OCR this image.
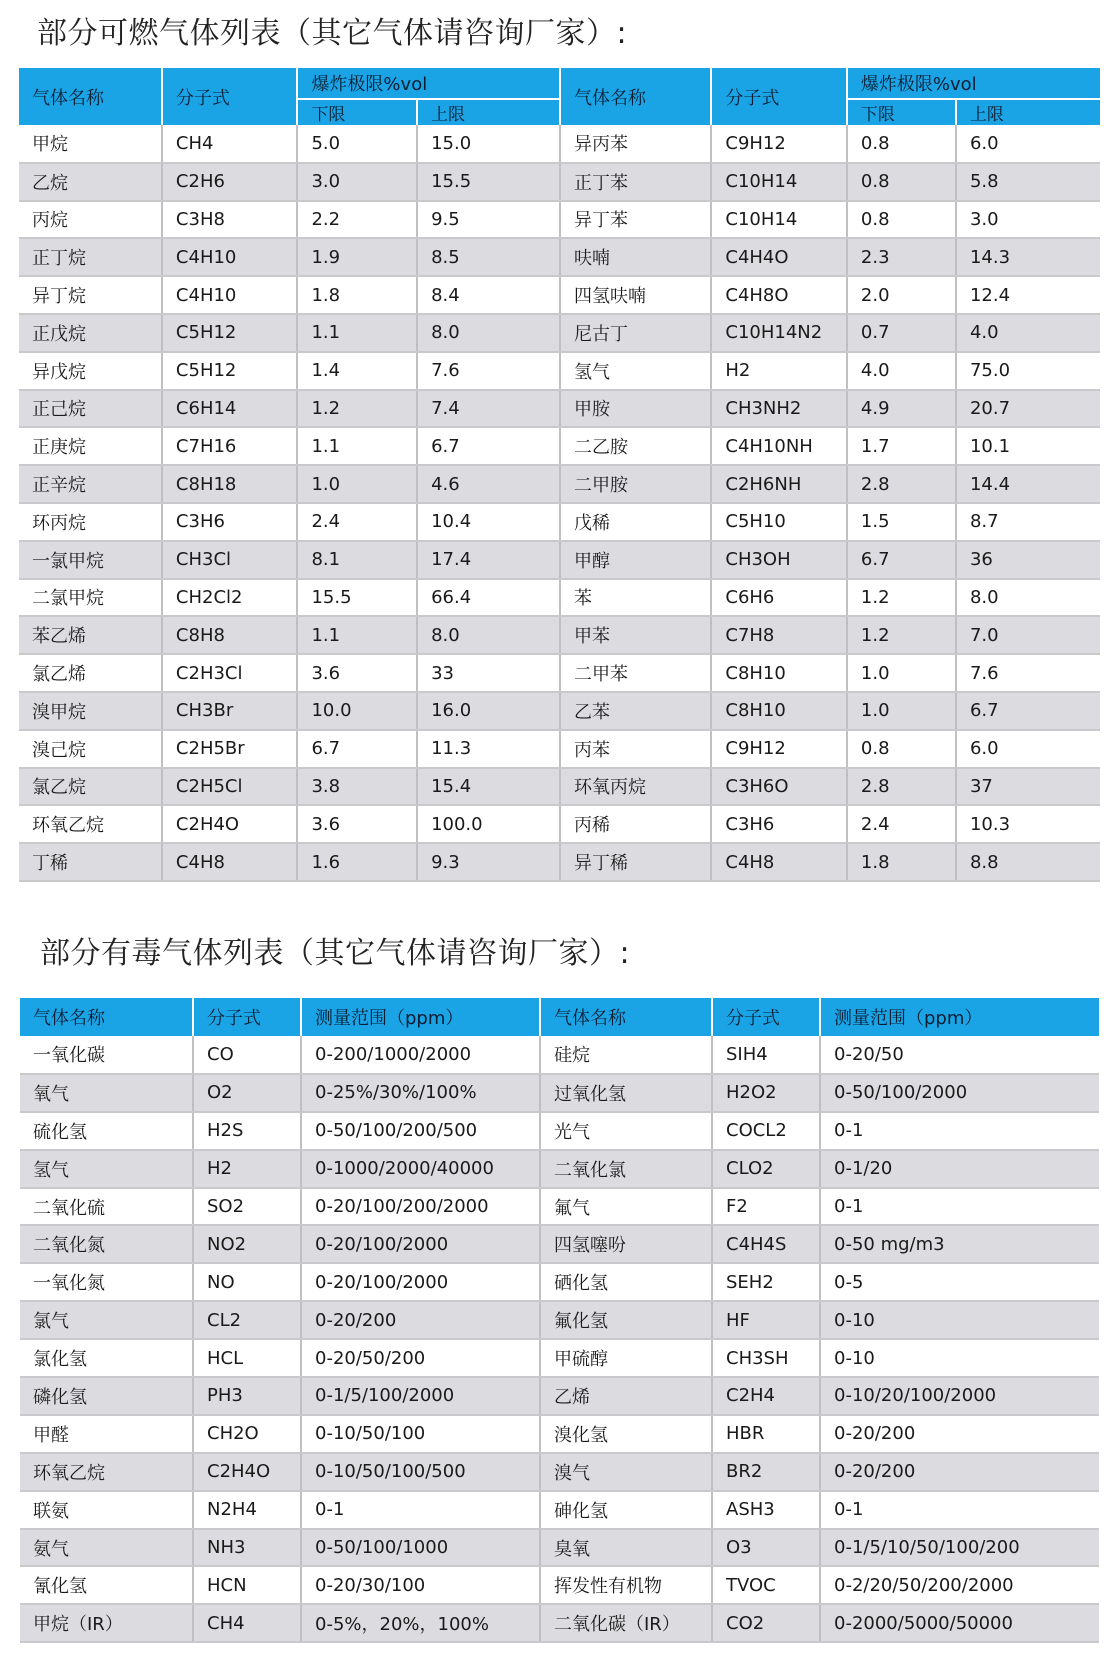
部分可燃气体列表（其它气体请咨询厂家）:
气体名称	分子式	爆炸极限%vol		气体名称	分子式	爆炸极限%vol	
		下限	上限			下限	上限
甲烷	CH4	5.0	15.0	异丙苯	C9H12	0.8	6.0
乙烷	C2H6	3.0	15.5	正丁苯	C10H14	0.8	5.8
丙烷	C3H8	2.2	9.5	异丁苯	C10H14	0.8	3.0
正丁烷	C4H10	1.9	8.5	呋喃	C4H4O	2.3	14.3
异丁烷	C4H10	1.8	8.4	四氢呋喃	C4H8O	2.0	12.4
正戊烷	C5H12	1.1	8.0	尼古丁	C10H14N2	0.7	4.0
异戊烷	C5H12	1.4	7.6	氢气	H2	4.0	75.0
正己烷	C6H14	1.2	7.4	甲胺	CH3NH2	4.9	20.7
正庚烷	C7H16	1.1	6.7	二乙胺	C4H10NH	1.7	10.1
正辛烷	C8H18	1.0	4.6	二甲胺	C2H6NH	2.8	14.4
环丙烷	C3H6	2.4	10.4	戊稀	C5H10	1.5	8.7
一氯甲烷	CH3Cl	8.1	17.4	甲醇	CH3OH	6.7	36
二氯甲烷	CH2Cl2	15.5	66.4	苯	C6H6	1.2	8.0
苯乙烯	C8H8	1.1	8.0	甲苯	C7H8	1.2	7.0
氯乙烯	C2H3Cl	3.6	33	二甲苯	C8H10	1.0	7.6
溴甲烷	CH3Br	10.0	16.0	乙苯	C8H10	1.0	6.7
溴己烷	C2H5Br	6.7	11.3	丙苯	C9H12	0.8	6.0
氯乙烷	C2H5Cl	3.8	15.4	环氧丙烷	C3H6O	2.8	37
环氧乙烷	C2H4O	3.6	100.0	丙稀	C3H6	2.4	10.3
丁稀	C4H8	1.6	9.3	异丁稀	C4H8	1.8	8.8
部分有毒气体列表（其它气体请咨询厂家）:
气体名称	分子式	测量范围（ppm）	气体名称	分子式	测量范围（ppm）
一氧化碳	CO	0-200/1000/2000	硅烷	SIH4	0-20/50
氧气	O2	0-25%/30%/100%	过氧化氢	H2O2	0-50/100/2000
硫化氢	H2S	0-50/100/200/500	光气	COCL2	0-1
氢气	H2	0-1000/2000/40000	二氧化氯	CLO2	0-1/20
二氧化硫	SO2	0-20/100/200/2000	氟气	F2	0-1
二氧化氮	NO2	0-20/100/2000	四氢噻吩	C4H4S	0-50 mg/m3
一氧化氮	NO	0-20/100/2000	硒化氢	SEH2	0-5
氯气	CL2	0-20/200	氟化氢	HF	0-10
氯化氢	HCL	0-20/50/200	甲硫醇	CH3SH	0-10
磷化氢	PH3	0-1/5/100/2000	乙烯	C2H4	0-10/20/100/2000
甲醛	CH2O	0-10/50/100	溴化氢	HBR	0-20/200
环氧乙烷	C2H4O	0-10/50/100/500	溴气	BR2	0-20/200
联氨	N2H4	0-1	砷化氢	ASH3	0-1
氨气	NH3	0-50/100/1000	臭氧	O3	0-1/5/10/50/100/200
氰化氢	HCN	0-20/30/100	挥发性有机物	TVOC	0-2/20/50/200/2000
甲烷（IR）	CH4	0-5%，20%，100%	二氧化碳（IR）	CO2	0-2000/5000/50000
